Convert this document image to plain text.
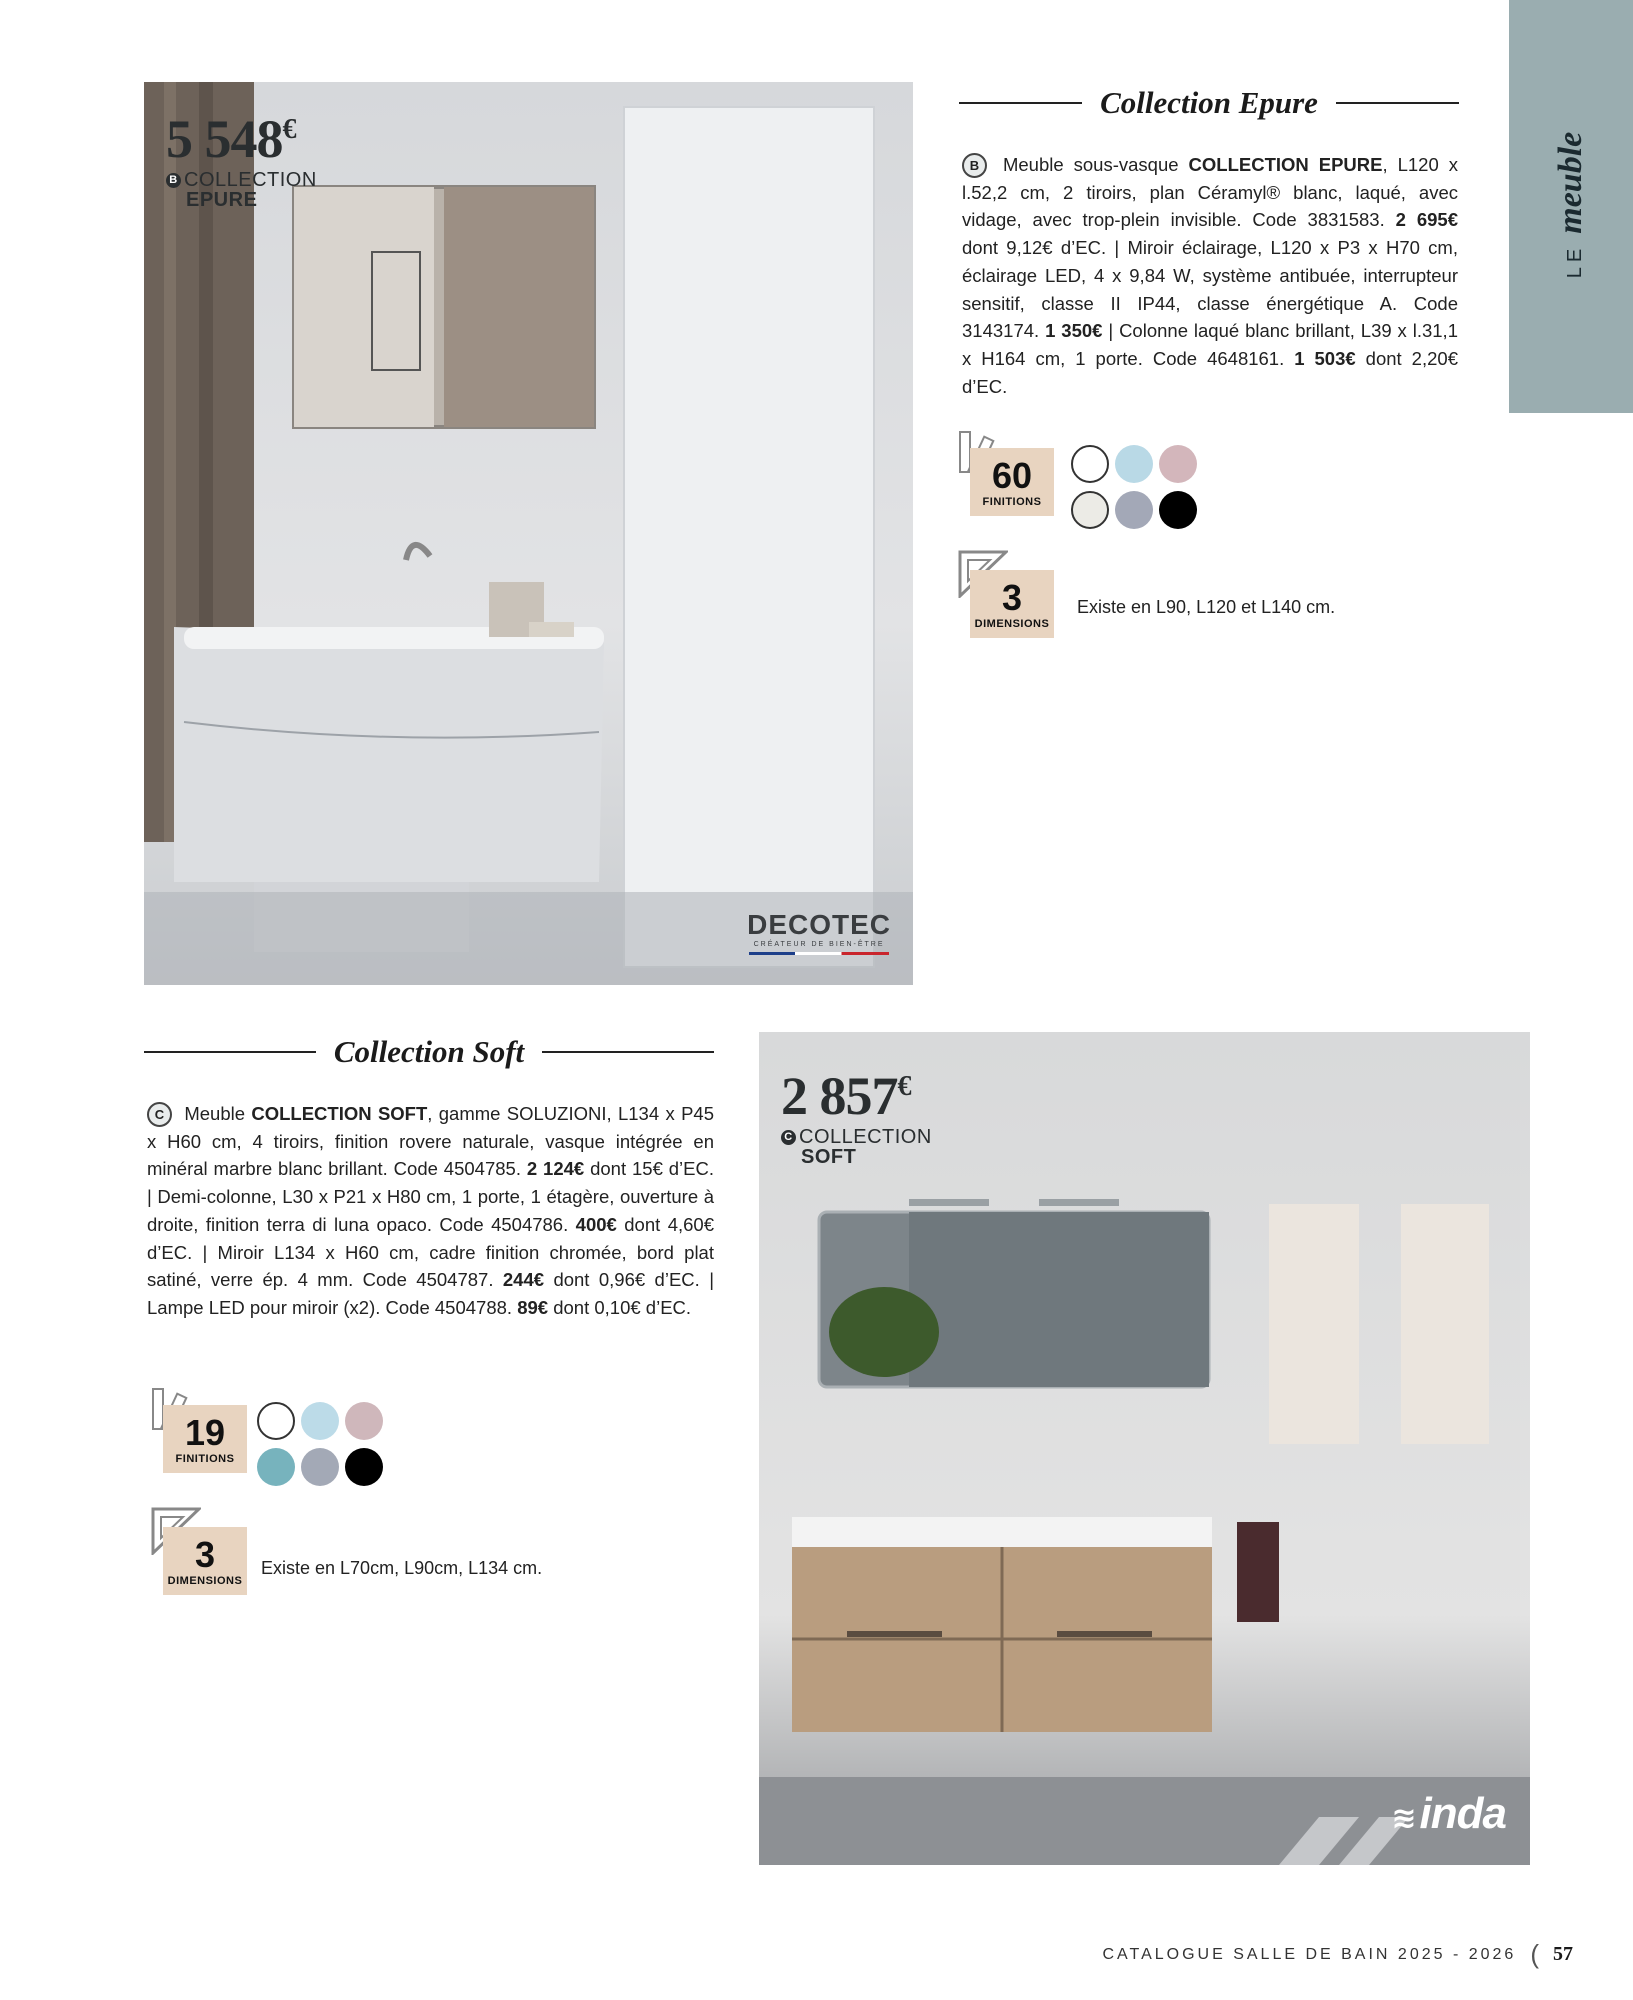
LEmeuble
5 548€
B COLLECTION
EPURE
DECOTEC
CRÉATEUR DE BIEN-ÊTRE
Collection Epure
B Meuble sous-vasque COLLECTION EPURE, L120 x l.52,2 cm, 2 tiroirs, plan Céramyl® blanc, laqué, avec vidage, avec trop-plein invisible. Code 3831583. 2 695€ dont 9,12€ d’EC. | Miroir éclairage, L120 x P3 x H70 cm, éclairage LED, 4 x 9,84 W, système antibuée, interrupteur sensitif, classe II IP44, classe énergétique A. Code 3143174. 1 350€ | Colonne laqué blanc brillant, L39 x l.31,1 x H164 cm, 1 porte. Code 4648161. 1 503€ dont 2,20€ d’EC.
60
FINITIONS
3
DIMENSIONS
Existe en L90, L120 et L140 cm.
Collection Soft
C Meuble COLLECTION SOFT, gamme SOLUZIONI, L134 x P45 x H60 cm, 4 tiroirs, finition rovere naturale, vasque intégrée en minéral marbre blanc brillant. Code 4504785. 2 124€ dont 15€ d’EC. | Demi-colonne, L30 x P21 x H80 cm, 1 porte, 1 étagère, ouverture à droite, finition terra di luna opaco. Code 4504786. 400€ dont 4,60€ d’EC. | Miroir L134 x H60 cm, cadre finition chromée, bord plat satiné, verre ép. 4 mm. Code 4504787. 244€ dont 0,96€ d’EC. | Lampe LED pour miroir (x2). Code 4504788. 89€ dont 0,10€ d’EC.
19
FINITIONS
3
DIMENSIONS
Existe en L70cm, L90cm, L134 cm.
2 857€
C COLLECTION
SOFT
≋inda
CATALOGUE SALLE DE BAIN 2025 - 2026 ( 57
